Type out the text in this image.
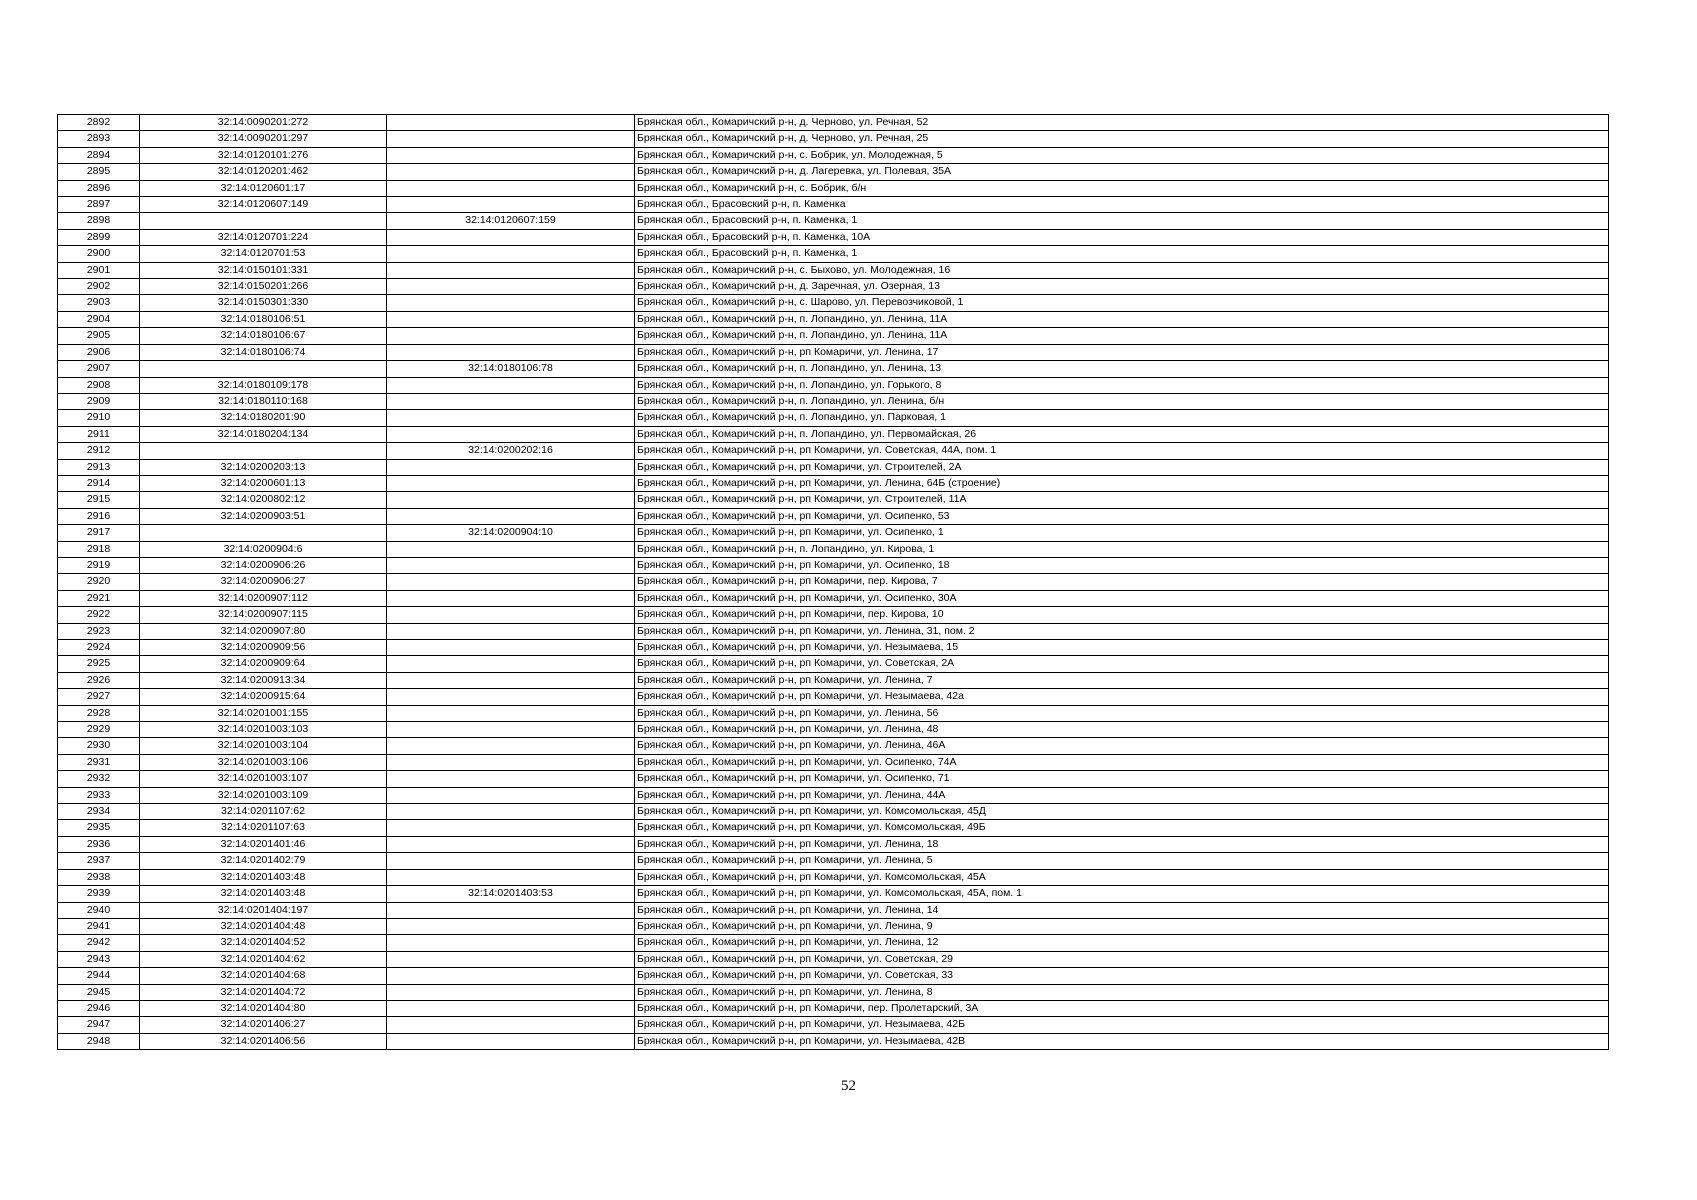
2892	32:14:0090201:272		Брянская обл., Комаричский р-н, д. Черново, ул. Речная, 52
2893	32:14:0090201:297		Брянская обл., Комаричский р-н, д. Черново, ул. Речная, 25
2894	32:14:0120101:276		Брянская обл., Комаричский р-н, с. Бобрик, ул. Молодежная, 5
2895	32:14:0120201:462		Брянская обл., Комаричский р-н, д. Лагеревка, ул. Полевая, 35А
2896	32:14:0120601:17		Брянская обл., Комаричский р-н, с. Бобрик, б/н
2897	32:14:0120607:149		Брянская обл., Брасовский р-н, п. Каменка
2898		32:14:0120607:159	Брянская обл., Брасовский р-н, п. Каменка, 1
2899	32:14:0120701:224		Брянская обл., Брасовский р-н, п. Каменка, 10А
2900	32:14:0120701:53		Брянская обл., Брасовский р-н, п. Каменка, 1
2901	32:14:0150101:331		Брянская обл., Комаричский р-н, с. Быхово, ул. Молодежная, 16
2902	32:14:0150201:266		Брянская обл., Комаричский р-н, д. Заречная, ул. Озерная, 13
2903	32:14:0150301:330		Брянская обл., Комаричский р-н, с. Шарово, ул. Перевозчиковой, 1
2904	32:14:0180106:51		Брянская обл., Комаричский р-н, п. Лопандино, ул. Ленина, 11А
2905	32:14:0180106:67		Брянская обл., Комаричский р-н, п. Лопандино, ул. Ленина, 11А
2906	32:14:0180106:74		Брянская обл., Комаричский р-н, рп Комаричи, ул. Ленина, 17
2907		32:14:0180106:78	Брянская обл., Комаричский р-н, п. Лопандино, ул. Ленина, 13
2908	32:14:0180109:178		Брянская обл., Комаричский р-н, п. Лопандино, ул. Горького, 8
2909	32:14:0180110:168		Брянская обл., Комаричский р-н, п. Лопандино, ул. Ленина, б/н
2910	32:14:0180201:90		Брянская обл., Комаричский р-н, п. Лопандино, ул. Парковая, 1
2911	32:14:0180204:134		Брянская обл., Комаричский р-н, п. Лопандино, ул. Первомайская, 26
2912		32:14:0200202:16	Брянская обл., Комаричский р-н, рп Комаричи, ул. Советская, 44А, пом. 1
2913	32:14:0200203:13		Брянская обл., Комаричский р-н, рп Комаричи, ул. Строителей, 2А
2914	32:14:0200601:13		Брянская обл., Комаричский р-н, рп Комаричи, ул. Ленина, 64Б (строение)
2915	32:14:0200802:12		Брянская обл., Комаричский р-н, рп Комаричи, ул. Строителей, 11А
2916	32:14:0200903:51		Брянская обл., Комаричский р-н, рп Комаричи, ул. Осипенко, 53
2917		32:14:0200904:10	Брянская обл., Комаричский р-н, рп Комаричи, ул. Осипенко, 1
2918	32:14:0200904:6		Брянская обл., Комаричский р-н, п. Лопандино, ул. Кирова, 1
2919	32:14:0200906:26		Брянская обл., Комаричский р-н, рп Комаричи, ул. Осипенко, 18
2920	32:14:0200906:27		Брянская обл., Комаричский р-н, рп Комаричи, пер. Кирова, 7
2921	32:14:0200907:112		Брянская обл., Комаричский р-н, рп Комаричи, ул. Осипенко, 30А
2922	32:14:0200907:115		Брянская обл., Комаричский р-н, рп Комаричи, пер. Кирова, 10
2923	32:14:0200907:80		Брянская обл., Комаричский р-н, рп Комаричи, ул. Ленина, 31, пом. 2
2924	32:14:0200909:56		Брянская обл., Комаричский р-н, рп Комаричи, ул. Незымаева, 15
2925	32:14:0200909:64		Брянская обл., Комаричский р-н, рп Комаричи, ул. Советская, 2А
2926	32:14:0200913:34		Брянская обл., Комаричский р-н, рп Комаричи, ул. Ленина, 7
2927	32:14:0200915:64		Брянская обл., Комаричский р-н, рп Комаричи, ул. Незымаева, 42а
2928	32:14:0201001:155		Брянская обл., Комаричский р-н, рп Комаричи, ул. Ленина, 56
2929	32:14:0201003:103		Брянская обл., Комаричский р-н, рп Комаричи, ул. Ленина, 48
2930	32:14:0201003:104		Брянская обл., Комаричский р-н, рп Комаричи, ул. Ленина, 46А
2931	32:14:0201003:106		Брянская обл., Комаричский р-н, рп Комаричи, ул. Осипенко, 74А
2932	32:14:0201003:107		Брянская обл., Комаричский р-н, рп Комаричи, ул. Осипенко, 71
2933	32:14:0201003:109		Брянская обл., Комаричский р-н, рп Комаричи, ул. Ленина, 44А
2934	32:14:0201107:62		Брянская обл., Комаричский р-н, рп Комаричи, ул. Комсомольская, 45Д
2935	32:14:0201107:63		Брянская обл., Комаричский р-н, рп Комаричи, ул. Комсомольская, 49Б
2936	32:14:0201401:46		Брянская обл., Комаричский р-н, рп Комаричи, ул. Ленина, 18
2937	32:14:0201402:79		Брянская обл., Комаричский р-н, рп Комаричи, ул. Ленина, 5
2938	32:14:0201403:48		Брянская обл., Комаричский р-н, рп Комаричи, ул. Комсомольская, 45А
2939	32:14:0201403:48	32:14:0201403:53	Брянская обл., Комаричский р-н, рп Комаричи, ул. Комсомольская, 45А, пом. 1
2940	32:14:0201404:197		Брянская обл., Комаричский р-н, рп Комаричи, ул. Ленина, 14
2941	32:14:0201404:48		Брянская обл., Комаричский р-н, рп Комаричи, ул. Ленина, 9
2942	32:14:0201404:52		Брянская обл., Комаричский р-н, рп Комаричи, ул. Ленина, 12
2943	32:14:0201404:62		Брянская обл., Комаричский р-н, рп Комаричи, ул. Советская, 29
2944	32:14:0201404:68		Брянская обл., Комаричский р-н, рп Комаричи, ул. Советская, 33
2945	32:14:0201404:72		Брянская обл., Комаричский р-н, рп Комаричи, ул. Ленина, 8
2946	32:14:0201404:80		Брянская обл., Комаричский р-н, рп Комаричи, пер. Пролетарский, 3А
2947	32:14:0201406:27		Брянская обл., Комаричский р-н, рп Комаричи, ул. Незымаева, 42Б
2948	32:14:0201406:56		Брянская обл., Комаричский р-н, рп Комаричи, ул. Незымаева, 42В
52
